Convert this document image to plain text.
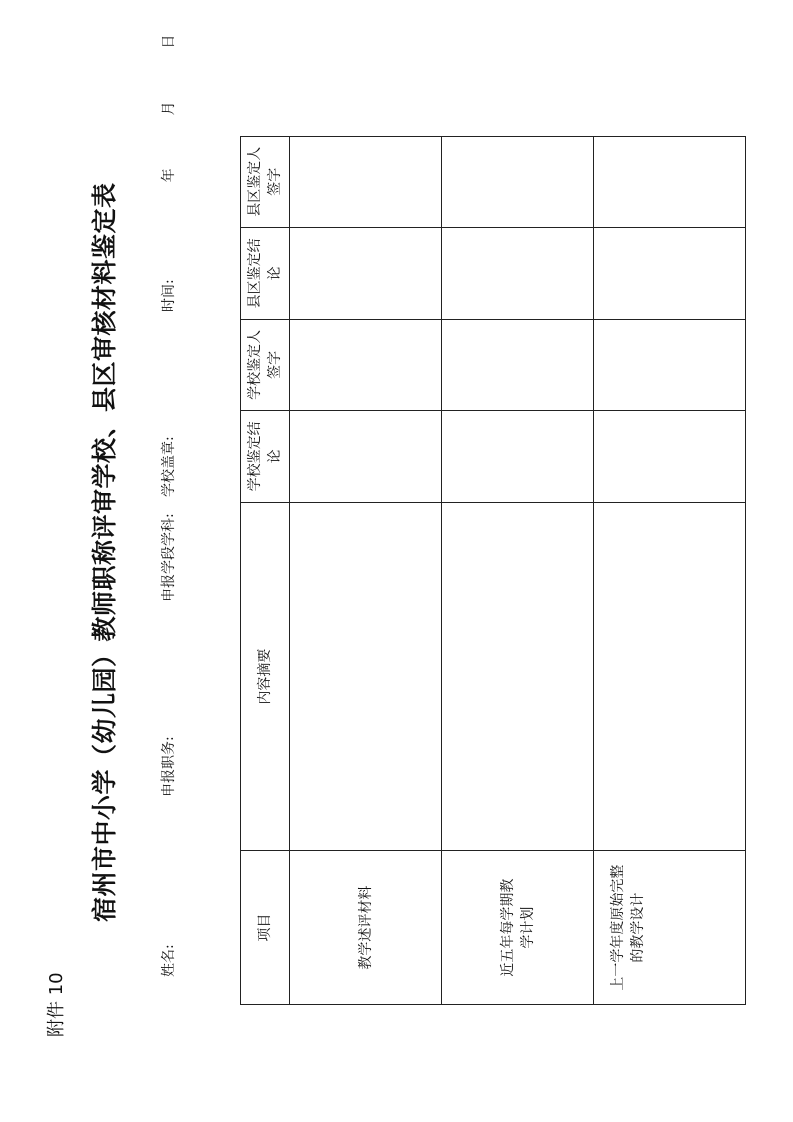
附件 10
宿州市中小学（幼儿园）教师职称评审学校、县区审核材料鉴定表
姓名:
申报职务:
申报学段学科:
学校盖章:
时间:  年  月  日
项目	内容摘要	学校鉴定结论	学校鉴定人签字	县区鉴定结论	县区鉴定人签字
教学述评材料					
近五年每学期教学计划					
上一学年度原始完整的教学设计					
